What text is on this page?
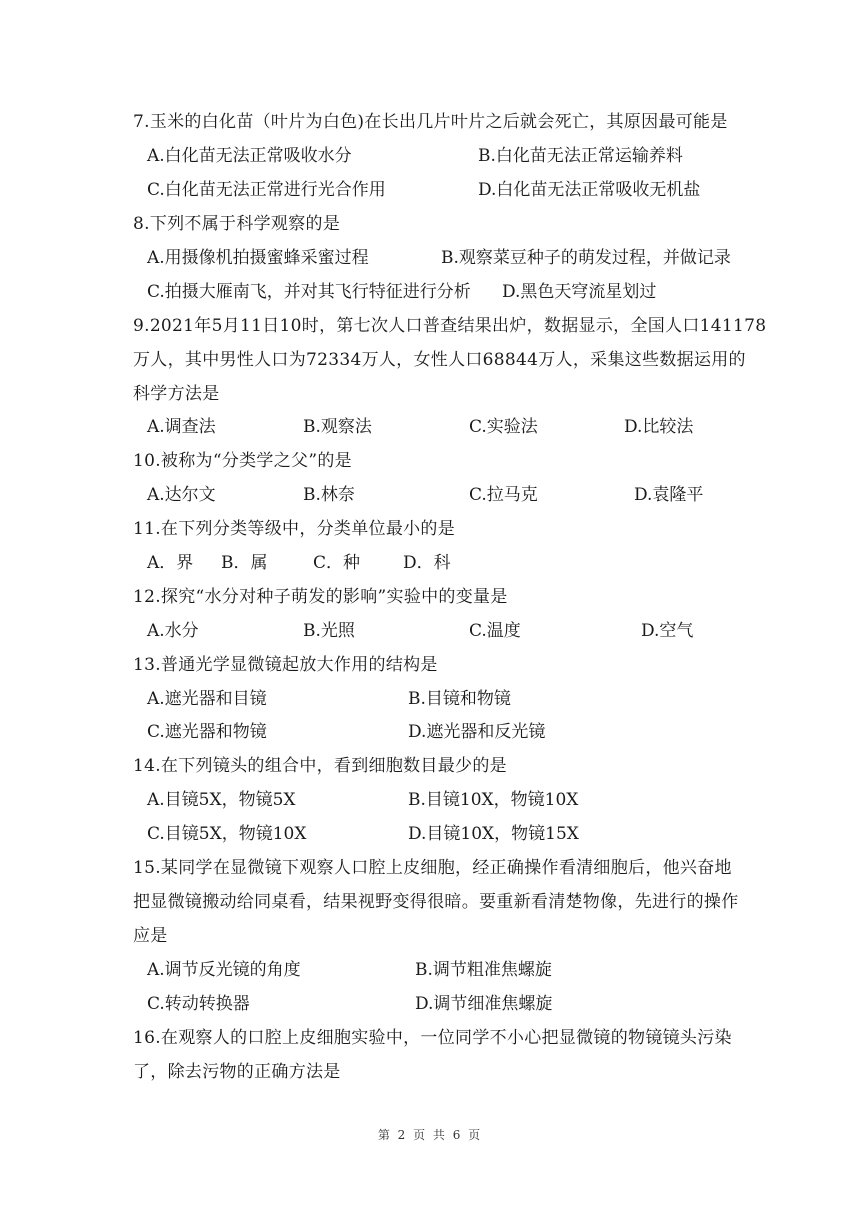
7.玉米的白化苗（叶片为白色)在长出几片叶片之后就会死亡，其原因最可能是
A.白化苗无法正常吸收水分	B.白化苗无法正常运输养料
C.白化苗无法正常进行光合作用	D.白化苗无法正常吸收无机盐
8.下列不属于科学观察的是
A.用摄像机拍摄蜜蜂采蜜过程	B.观察菜豆种子的萌发过程，并做记录
C.拍摄大雁南飞，并对其飞行特征进行分析 D.黑色天穹流星划过
9.2021年5月11日10时，第七次人口普查结果出炉，数据显示，全国人口141178
万人，其中男性人口为72334万人，女性人口68844万人，采集这些数据运用的
科学方法是
A.调查法	B.观察法	C.实验法	D.比较法
10.被称为“分类学之父”的是
A.达尔文	B.林奈	C.拉马克	D.袁隆平
11.在下列分类等级中，分类单位最小的是
A．界 B．属	C．种	D．科
12.探究“水分对种子萌发的影响”实验中的变量是
A.水分	B.光照	C.温度	D.空气
13.普通光学显微镜起放大作用的结构是
A.遮光器和目镜	B.目镜和物镜
C.遮光器和物镜	D.遮光器和反光镜
14.在下列镜头的组合中，看到细胞数目最少的是
A.目镜5X，物镜5X	B.目镜10X，物镜10X
C.目镜5X，物镜10X	D.目镜10X，物镜15X
15.某同学在显微镜下观察人口腔上皮细胞，经正确操作看清细胞后，他兴奋地
把显微镜搬动给同桌看，结果视野变得很暗。要重新看清楚物像，先进行的操作
应是
A.调节反光镜的角度	B.调节粗准焦螺旋
C.转动转换器	D.调节细准焦螺旋
16.在观察人的口腔上皮细胞实验中，一位同学不小心把显微镜的物镜镜头污染
了，除去污物的正确方法是
第 2 页 共 6 页
